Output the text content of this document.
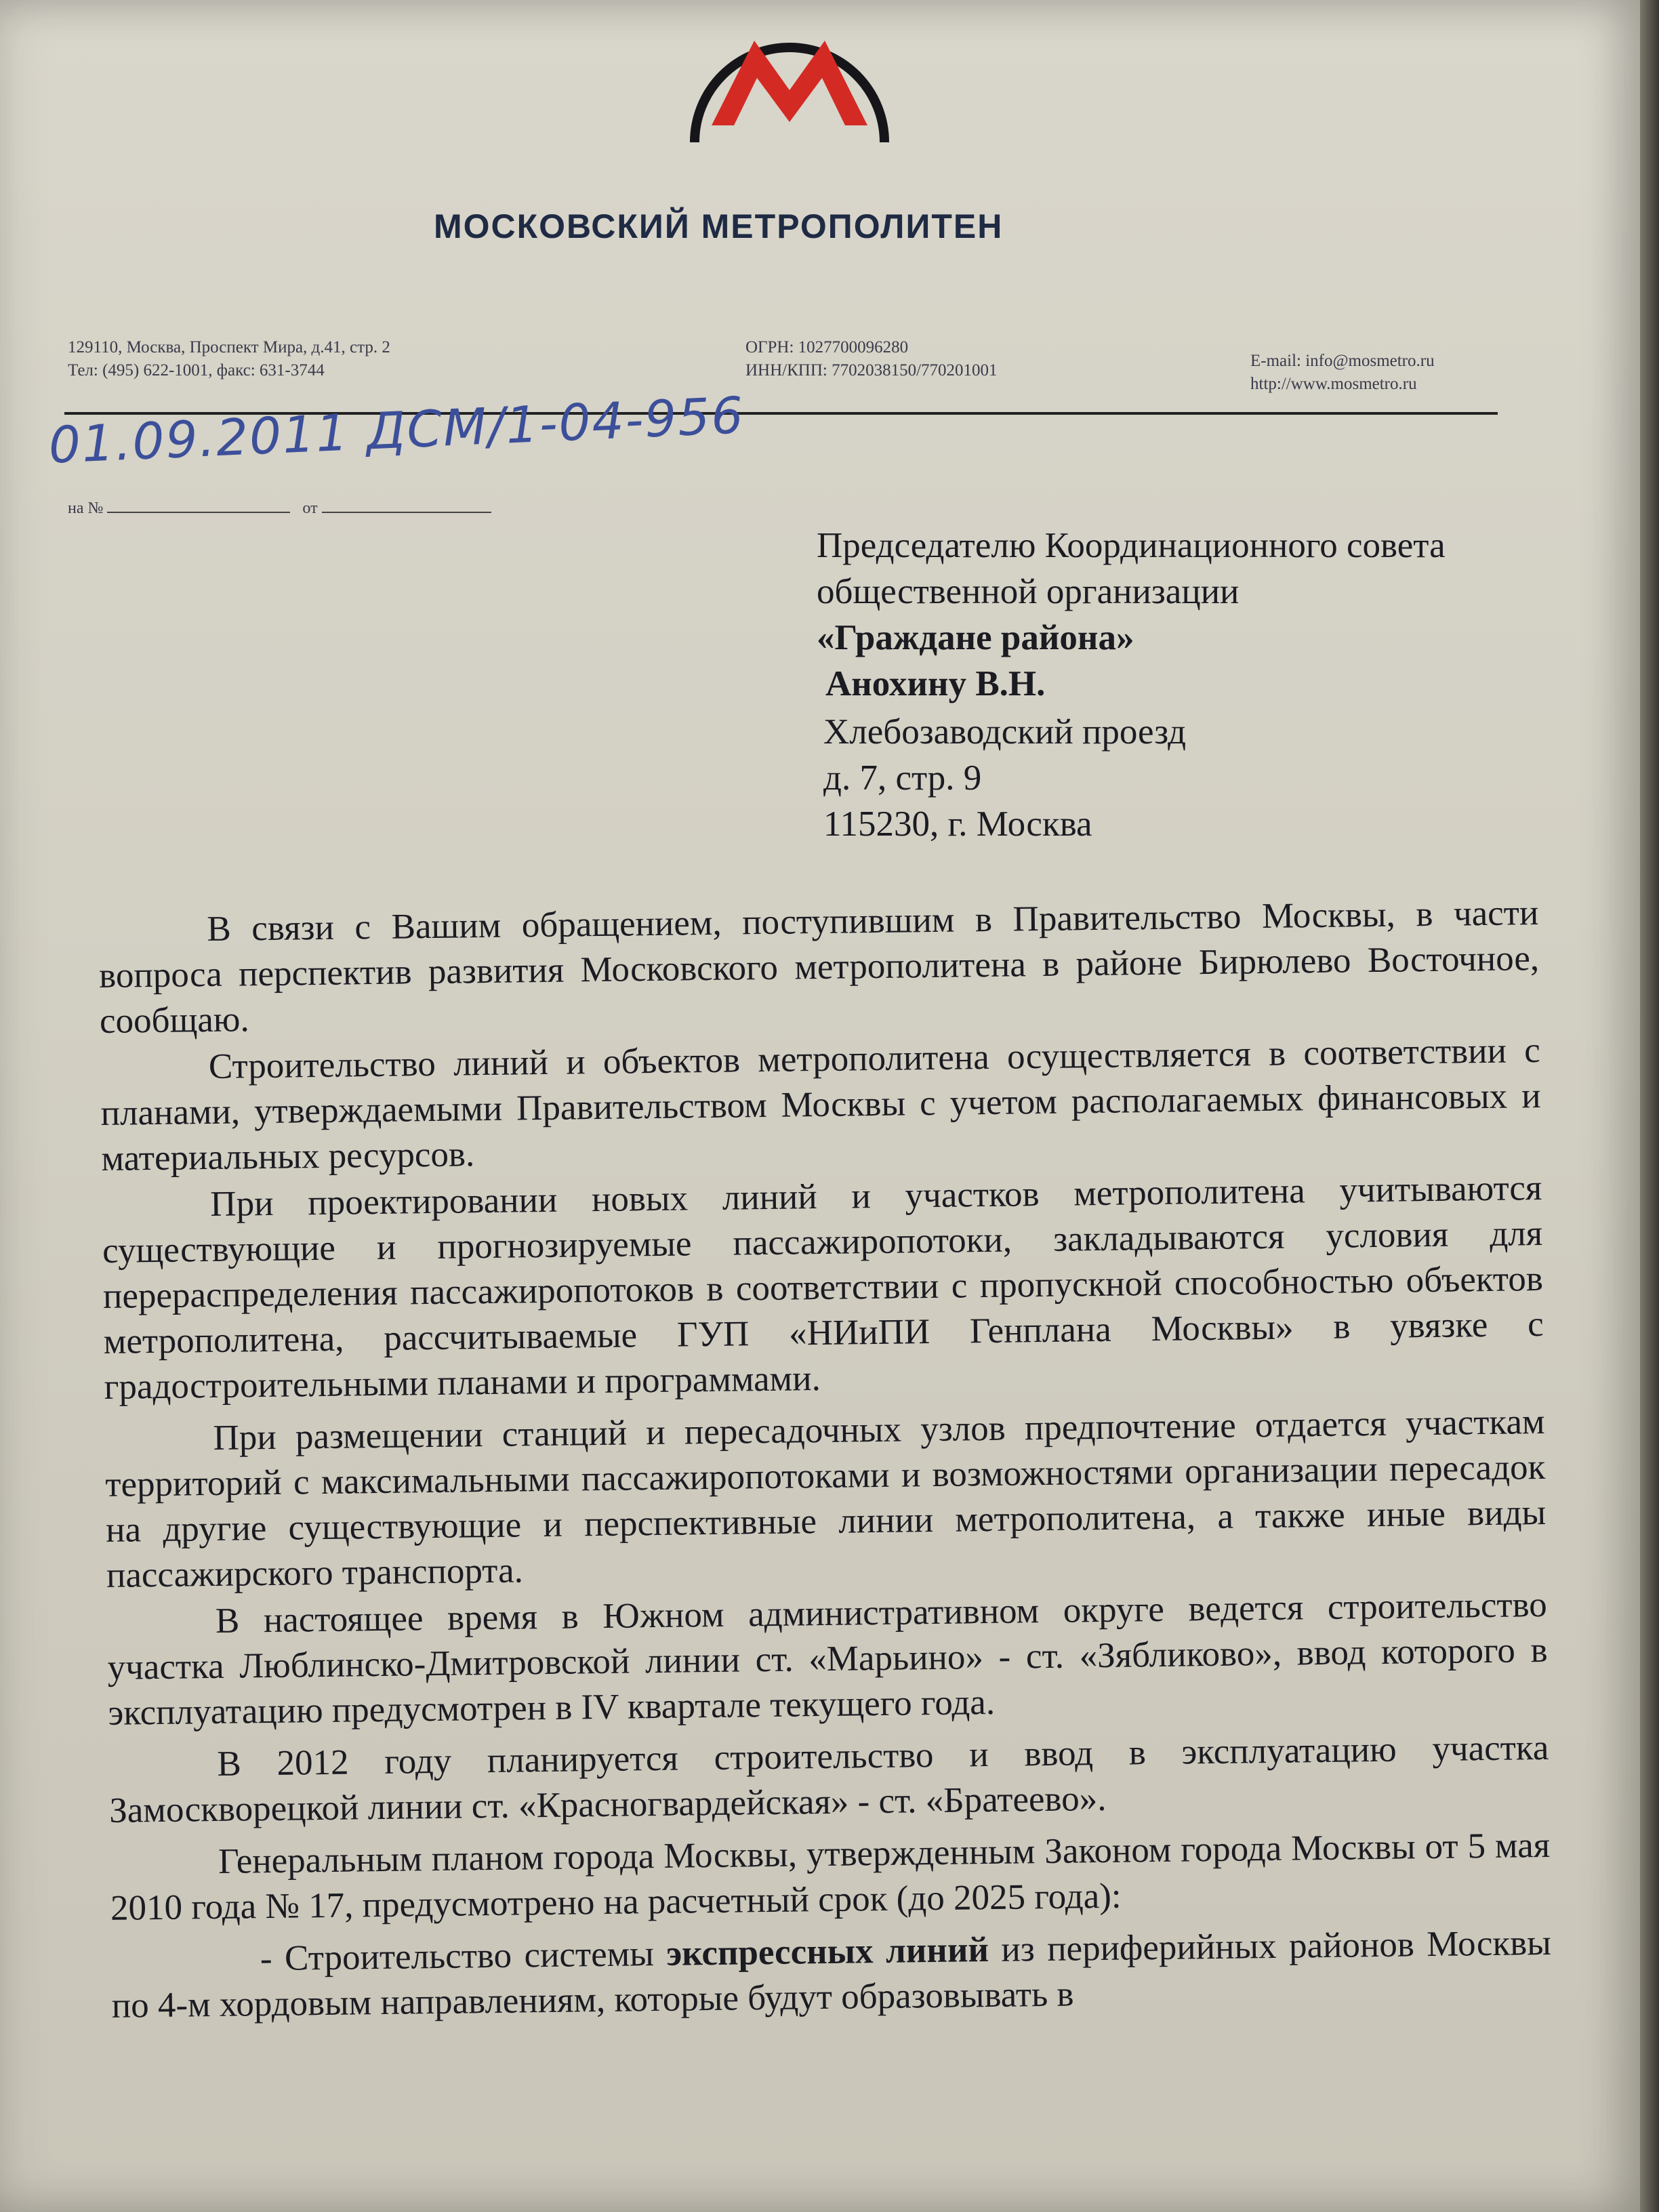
МОСКОВСКИЙ МЕТРОПОЛИТЕН
129110, Москва, Проспект Мира, д.41, стр. 2
Тел: (495) 622-1001, факс: 631-3744
ОГРН: 1027700096280
ИНН/КПП: 7702038150/770201001
E-mail: info@mosmetro.ru
http://www.mosmetro.ru
01.09.2011 ДСМ/1-04-956
на №	от
Председателю Координационного совета
общественной организации
«Граждане района»
Анохину В.Н.
Хлебозаводский проезд
д. 7, стр. 9
115230, г. Москва

В связи с Вашим обращением, поступившим в Правительство Москвы, в части вопроса перспектив развития Московского метрополитена в районе Бирюлево Восточное, сообщаю.

Строительство линий и объектов метрополитена осуществляется в соответствии с планами, утверждаемыми Правительством Москвы с учетом располагаемых финансовых и материальных ресурсов.

При проектировании новых линий и участков метрополитена учитываются существующие и прогнозируемые пассажиропотоки, закладываются условия для перераспределения пассажиропотоков в соответствии с пропускной способностью объектов метрополитена, рассчитываемые ГУП «НИиПИ Генплана Москвы» в увязке с градостроительными планами и программами.

При размещении станций и пересадочных узлов предпочтение отдается участкам территорий с максимальными пассажиропотоками и возможностями организации пересадок на другие существующие и перспективные линии метрополитена, а также иные виды пассажирского транспорта.

В настоящее время в Южном административном округе ведется строительство участка Люблинско-Дмитровской линии ст. «Марьино» - ст. «Зябликово», ввод которого в эксплуатацию предусмотрен в IV квартале текущего года.

В 2012 году планируется строительство и ввод в эксплуатацию участка Замоскворецкой линии ст. «Красногвардейская» - ст. «Братеево».

Генеральным планом города Москвы, утвержденным Законом города Москвы от 5 мая 2010 года № 17, предусмотрено на расчетный срок (до 2025 года):

- Строительство системы экспрессных линий из периферийных районов Москвы по 4-м хордовым направлениям, которые будут образовывать в
